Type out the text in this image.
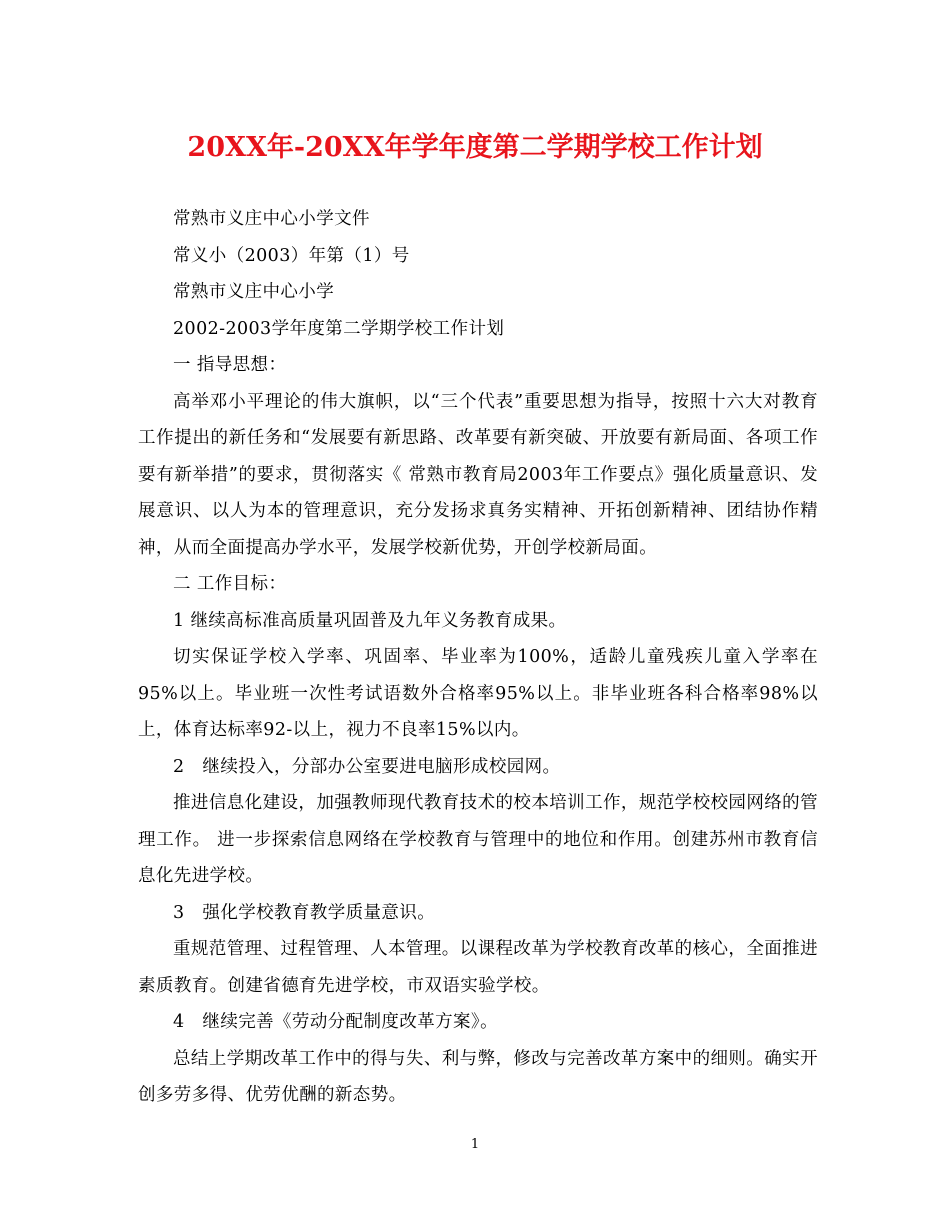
20XX年-20XX年学年度第二学期学校工作计划

常熟市义庄中心小学文件

常义小（2003）年第（1）号

常熟市义庄中心小学

2002-2003学年度第二学期学校工作计划

一 指导思想：

高举邓小平理论的伟大旗帜，以“三个代表”重要思想为指导，按照十六大对教育工作提出的新任务和“发展要有新思路、改革要有新突破、开放要有新局面、各项工作要有新举措”的要求，贯彻落实《 常熟市教育局2003年工作要点》强化质量意识、发展意识、以人为本的管理意识，充分发扬求真务实精神、开拓创新精神、团结协作精神，从而全面提高办学水平，发展学校新优势，开创学校新局面。

二 工作目标：

1 继续高标准高质量巩固普及九年义务教育成果。

切实保证学校入学率、巩固率、毕业率为100%，适龄儿童残疾儿童入学率在95%以上。毕业班一次性考试语数外合格率95%以上。非毕业班各科合格率98%以上，体育达标率92-以上，视力不良率15%以内。

2　继续投入，分部办公室要进电脑形成校园网。

推进信息化建设，加强教师现代教育技术的校本培训工作，规范学校校园网络的管理工作。 进一步探索信息网络在学校教育与管理中的地位和作用。创建苏州市教育信息化先进学校。

3　强化学校教育教学质量意识。

重规范管理、过程管理、人本管理。以课程改革为学校教育改革的核心，全面推进素质教育。创建省德育先进学校，市双语实验学校。

4　继续完善《劳动分配制度改革方案》。

总结上学期改革工作中的得与失、利与弊，修改与完善改革方案中的细则。确实开创多劳多得、优劳优酬的新态势。

1
